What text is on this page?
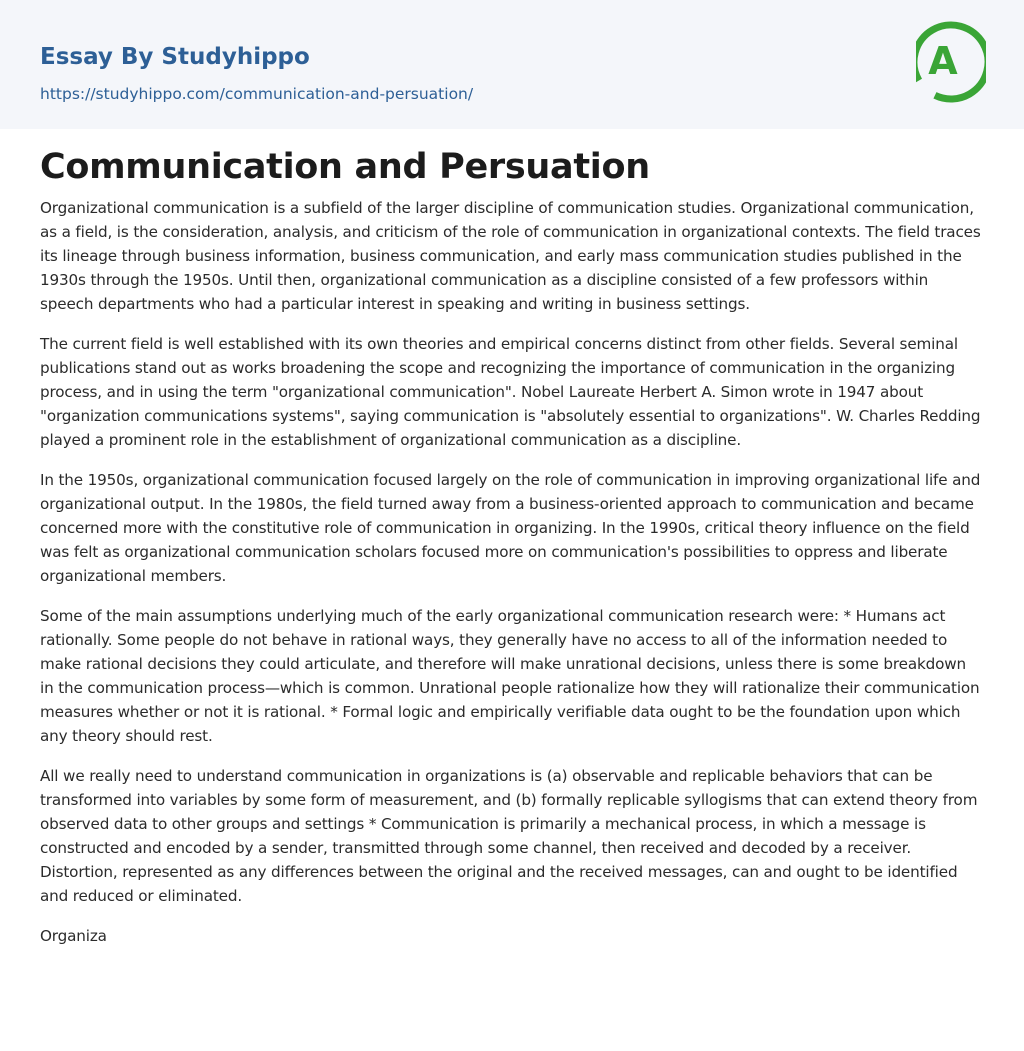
Essay By Studyhippo
https://studyhippo.com/communication-and-persuation/
A
Communication and Persuation

Organizational communication is a subfield of the larger discipline of communication studies. Organizational communication, as a field, is the consideration, analysis, and criticism of the role of communication in organizational contexts. The field traces its lineage through business information, business communication, and early mass communication studies published in the 1930s through the 1950s. Until then, organizational communication as a discipline consisted of a few professors within speech departments who had a particular interest in speaking and writing in business settings.

The current field is well established with its own theories and empirical concerns distinct from other fields. Several seminal publications stand out as works broadening the scope and recognizing the importance of communication in the organizing process, and in using the term "organizational communication". Nobel Laureate Herbert A. Simon wrote in 1947 about "organization communications systems", saying communication is "absolutely essential to organizations". W. Charles Redding played a prominent role in the establishment of organizational communication as a discipline.

In the 1950s, organizational communication focused largely on the role of communication in improving organizational life and organizational output. In the 1980s, the field turned away from a business-oriented approach to communication and became concerned more with the constitutive role of communication in organizing. In the 1990s, critical theory influence on the field was felt as organizational communication scholars focused more on communication's possibilities to oppress and liberate organizational members.

Some of the main assumptions underlying much of the early organizational communication research were: * Humans act rationally. Some people do not behave in rational ways, they generally have no access to all of the information needed to make rational decisions they could articulate, and therefore will make unrational decisions, unless there is some breakdown in the communication process—which is common. Unrational people rationalize how they will rationalize their communication measures whether or not it is rational. * Formal logic and empirically verifiable data ought to be the foundation upon which any theory should rest.

All we really need to understand communication in organizations is (a) observable and replicable behaviors that can be transformed into variables by some form of measurement, and (b) formally replicable syllogisms that can extend theory from observed data to other groups and settings * Communication is primarily a mechanical process, in which a message is constructed and encoded by a sender, transmitted through some channel, then received and decoded by a receiver. Distortion, represented as any differences between the original and the received messages, can and ought to be identified and reduced or eliminated.

Organiza
